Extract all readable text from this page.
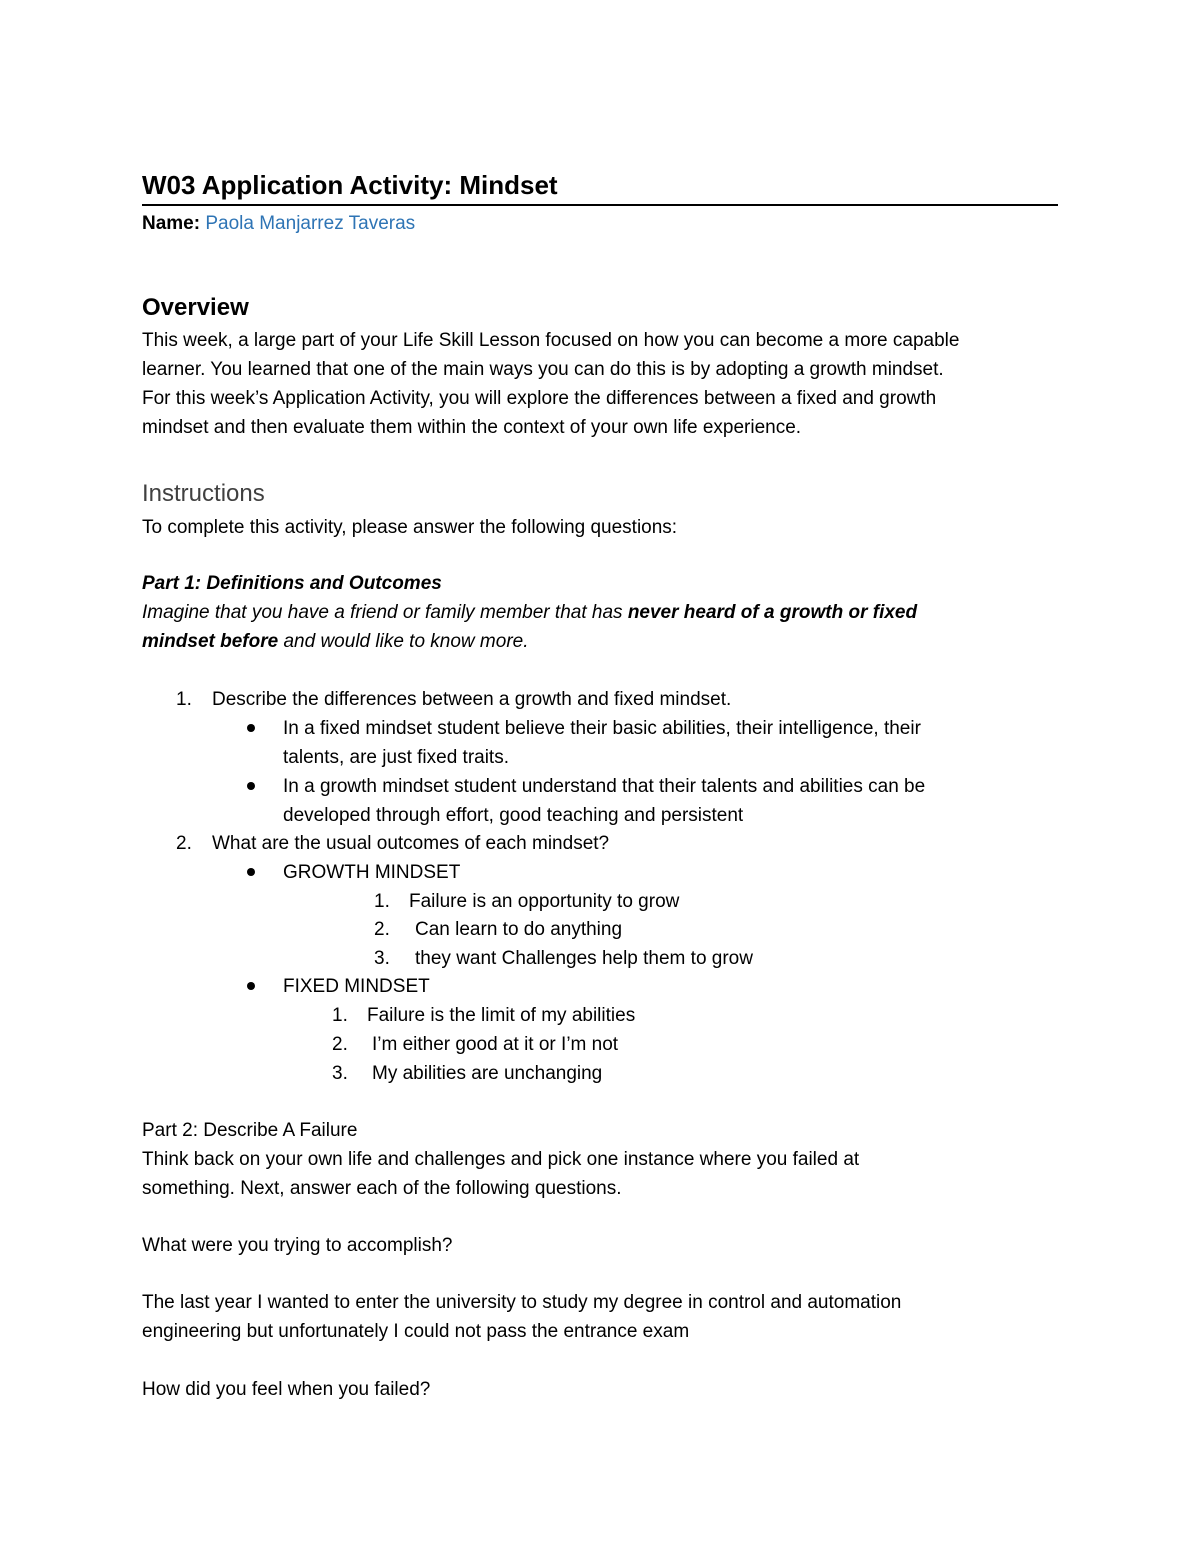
W03 Application Activity: Mindset
Name: Paola Manjarrez Taveras
Overview

This week, a large part of your Life Skill Lesson focused on how you can become a more capable

learner. You learned that one of the main ways you can do this is by adopting a growth mindset.

For this week’s Application Activity, you will explore the differences between a fixed and growth

mindset and then evaluate them within the context of your own life experience.

Instructions
To complete this activity, please answer the following questions:
Part 1: Definitions and Outcomes
Imagine that you have a friend or family member that has never heard of a growth or fixed
mindset before and would like to know more.
1. Describe the differences between a growth and fixed mindset.
In a fixed mindset student believe their basic abilities, their intelligence, their
talents, are just fixed traits.
In a growth mindset student understand that their talents and abilities can be
developed through effort, good teaching and persistent
2. What are the usual outcomes of each mindset?
GROWTH MINDSET
1. Failure is an opportunity to grow
2. Can learn to do anything
3. they want Challenges help them to grow
FIXED MINDSET
1. Failure is the limit of my abilities
2. I’m either good at it or I’m not
3. My abilities are unchanging
Part 2: Describe A Failure
Think back on your own life and challenges and pick one instance where you failed at
something. Next, answer each of the following questions.
What were you trying to accomplish?
The last year I wanted to enter the university to study my degree in control and automation
engineering but unfortunately I could not pass the entrance exam
How did you feel when you failed?
